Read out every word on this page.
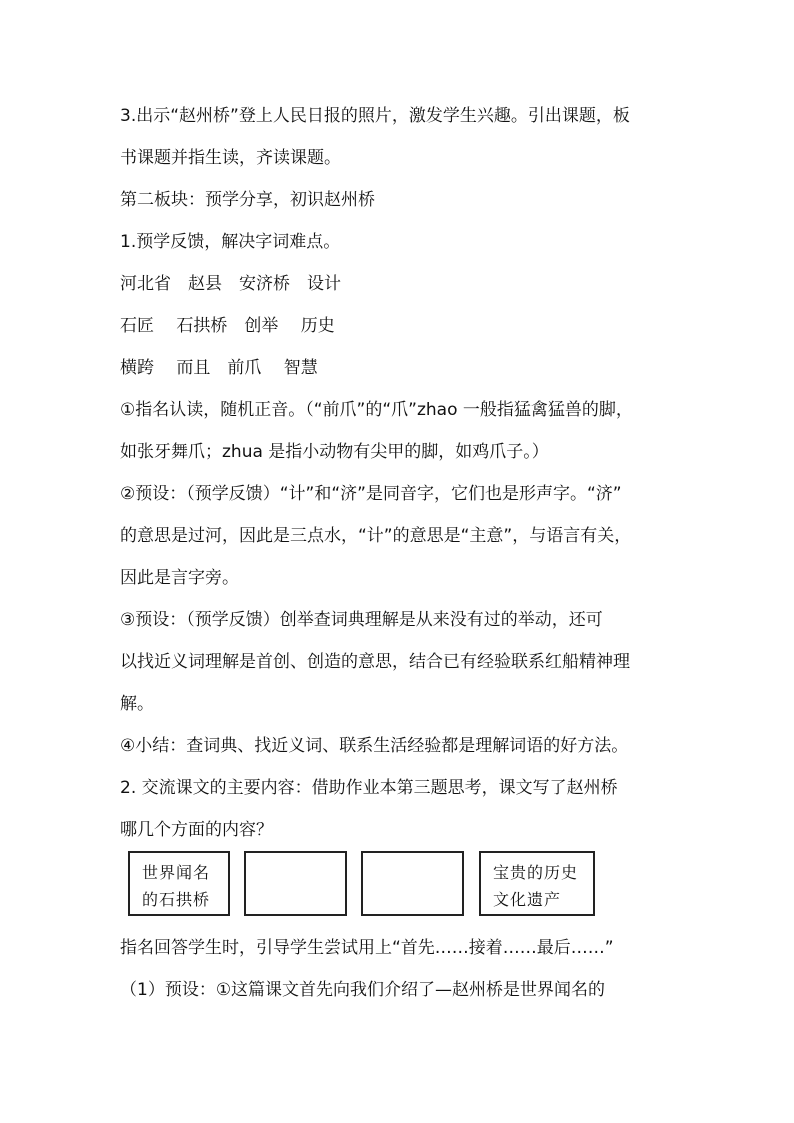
3.出示“赵州桥”登上人民日报的照片，激发学生兴趣。引出课题，板
书课题并指生读，齐读课题。
第二板块：预学分享，初识赵州桥
1.预学反馈，解决字词难点。
河北省　赵县　安济桥　设计
石匠　 石拱桥　创举　 历史
横跨　 而且　前爪　 智慧
①指名认读，随机正音。（“前爪”的“爪”zhao 一般指猛禽猛兽的脚，
如张牙舞爪；zhua 是指小动物有尖甲的脚，如鸡爪子。）
②预设：（预学反馈）“计”和“济”是同音字，它们也是形声字。“济”
的意思是过河，因此是三点水，“计”的意思是“主意”，与语言有关，
因此是言字旁。
③预设：（预学反馈）创举查词典理解是从来没有过的举动，还可
以找近义词理解是首创、创造的意思，结合已有经验联系红船精神理
解。
④小结：查词典、找近义词、联系生活经验都是理解词语的好方法。
2. 交流课文的主要内容：借助作业本第三题思考，课文写了赵州桥
哪几个方面的内容？
世界闻名
的石拱桥
宝贵的历史
文化遗产
指名回答学生时，引导学生尝试用上“首先……接着……最后……”
（1）预设：①这篇课文首先向我们介绍了—赵州桥是世界闻名的
